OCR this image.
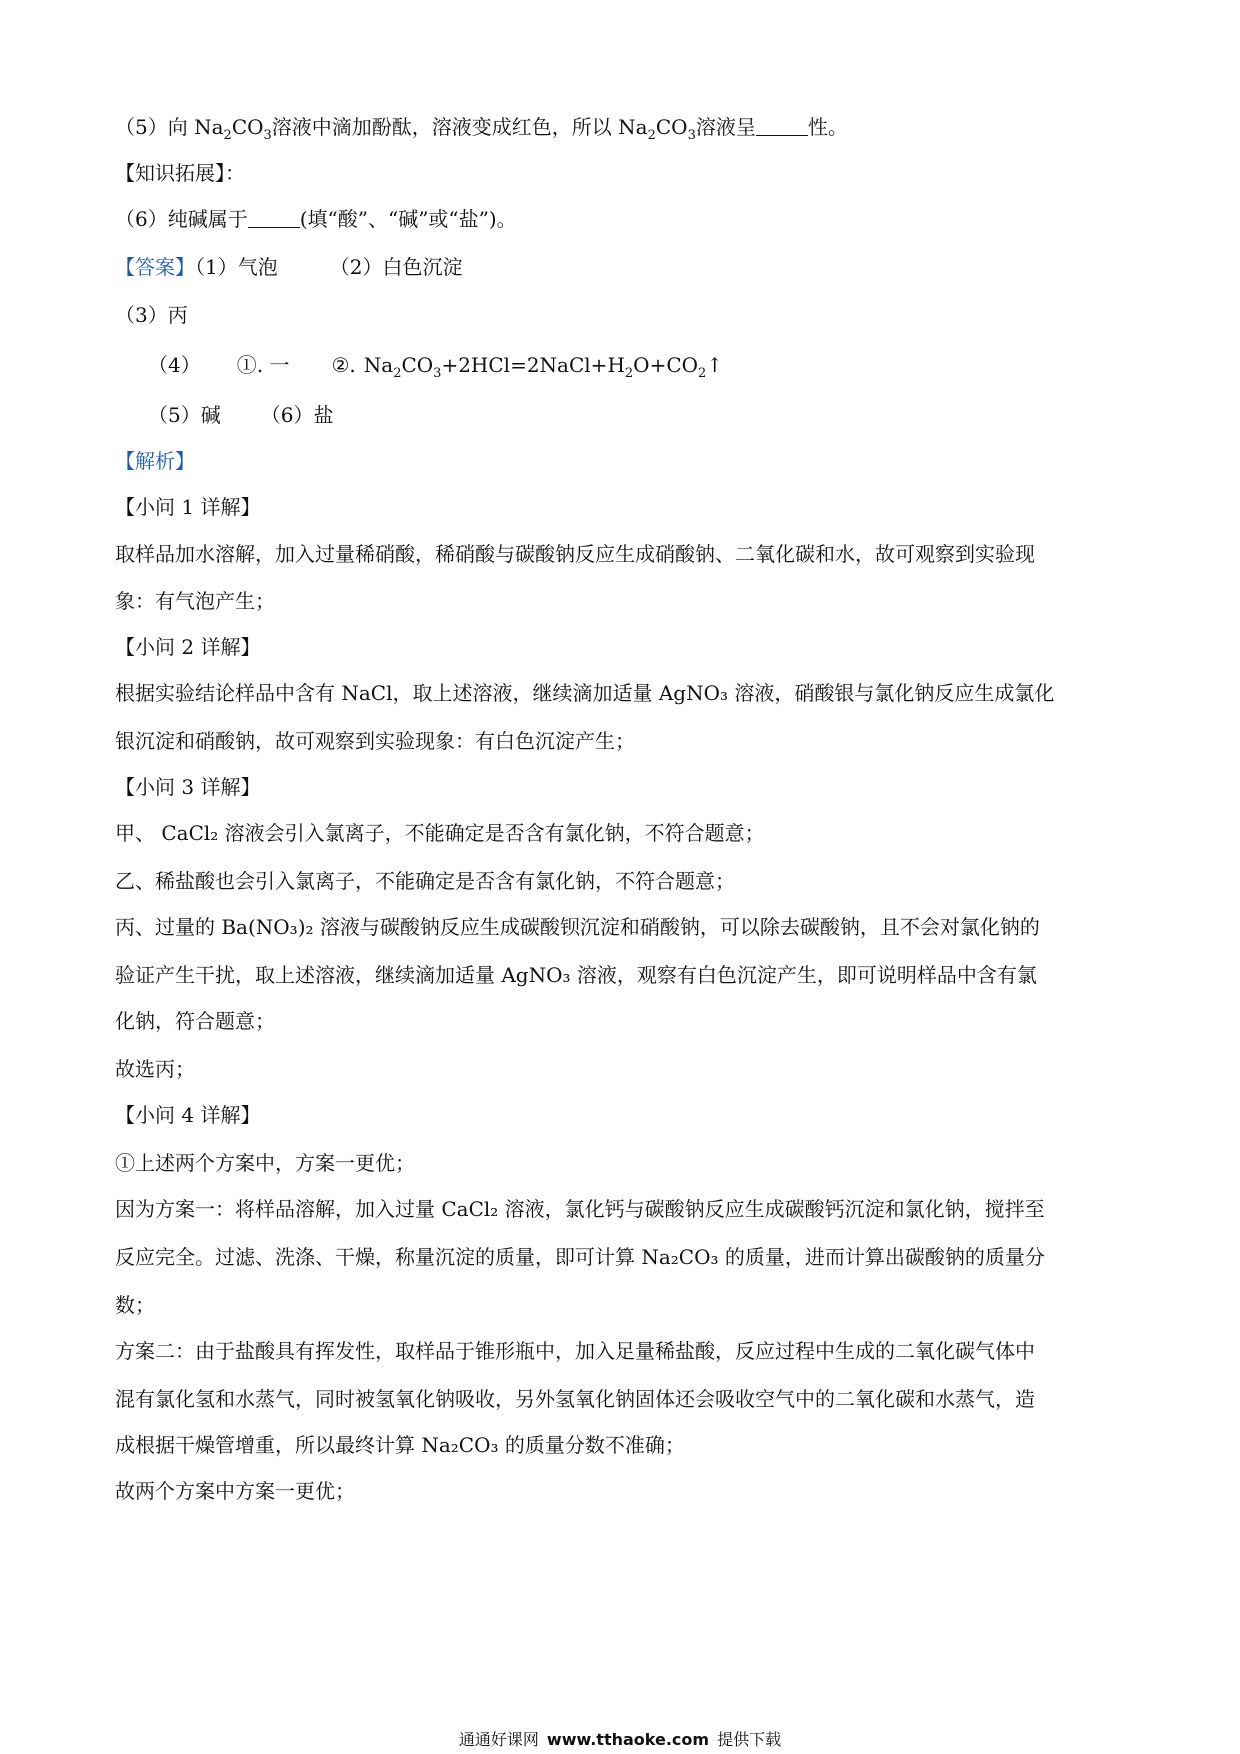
（5）向 $Na_2CO_3$溶液中滴加酚酞，溶液变成红色，所以 $Na_2CO_3$溶液呈	性。
【知识拓展】：
（6）纯碱属于	(填“酸”、“碱”或“盐”)。
【答案】（1）气泡	（2）白色沉淀
（3）丙
（4） ①. 一 ②. $Na_2CO_3+2HCl=2NaCl+H_2O+CO_2↑$
（5）碱 （6）盐
【解析】
【小问 1 详解】
取样品加水溶解，加入过量稀硝酸，稀硝酸与碳酸钠反应生成硝酸钠、二氧化碳和水，故可观察到实验现
象：有气泡产生；
【小问 2 详解】
根据实验结论样品中含有 NaCl，取上述溶液，继续滴加适量 AgNO₃ 溶液，硝酸银与氯化钠反应生成氯化
银沉淀和硝酸钠，故可观察到实验现象：有白色沉淀产生；
【小问 3 详解】
甲、 CaCl₂ 溶液会引入氯离子，不能确定是否含有氯化钠，不符合题意；
乙、稀盐酸也会引入氯离子，不能确定是否含有氯化钠，不符合题意；
丙、过量的 Ba(NO₃)₂ 溶液与碳酸钠反应生成碳酸钡沉淀和硝酸钠，可以除去碳酸钠，且不会对氯化钠的
验证产生干扰，取上述溶液，继续滴加适量 AgNO₃ 溶液，观察有白色沉淀产生，即可说明样品中含有氯
化钠，符合题意；
故选丙；
【小问 4 详解】
①上述两个方案中，方案一更优；
因为方案一：将样品溶解，加入过量 CaCl₂ 溶液，氯化钙与碳酸钠反应生成碳酸钙沉淀和氯化钠，搅拌至
反应完全。过滤、洗涤、干燥，称量沉淀的质量，即可计算 Na₂CO₃ 的质量，进而计算出碳酸钠的质量分
数；
方案二：由于盐酸具有挥发性，取样品于锥形瓶中，加入足量稀盐酸，反应过程中生成的二氧化碳气体中
混有氯化氢和水蒸气，同时被氢氧化钠吸收，另外氢氧化钠固体还会吸收空气中的二氧化碳和水蒸气，造
成根据干燥管增重，所以最终计算 Na₂CO₃ 的质量分数不准确；
故两个方案中方案一更优；
通通好课网 www.tthaoke.com 提供下载
